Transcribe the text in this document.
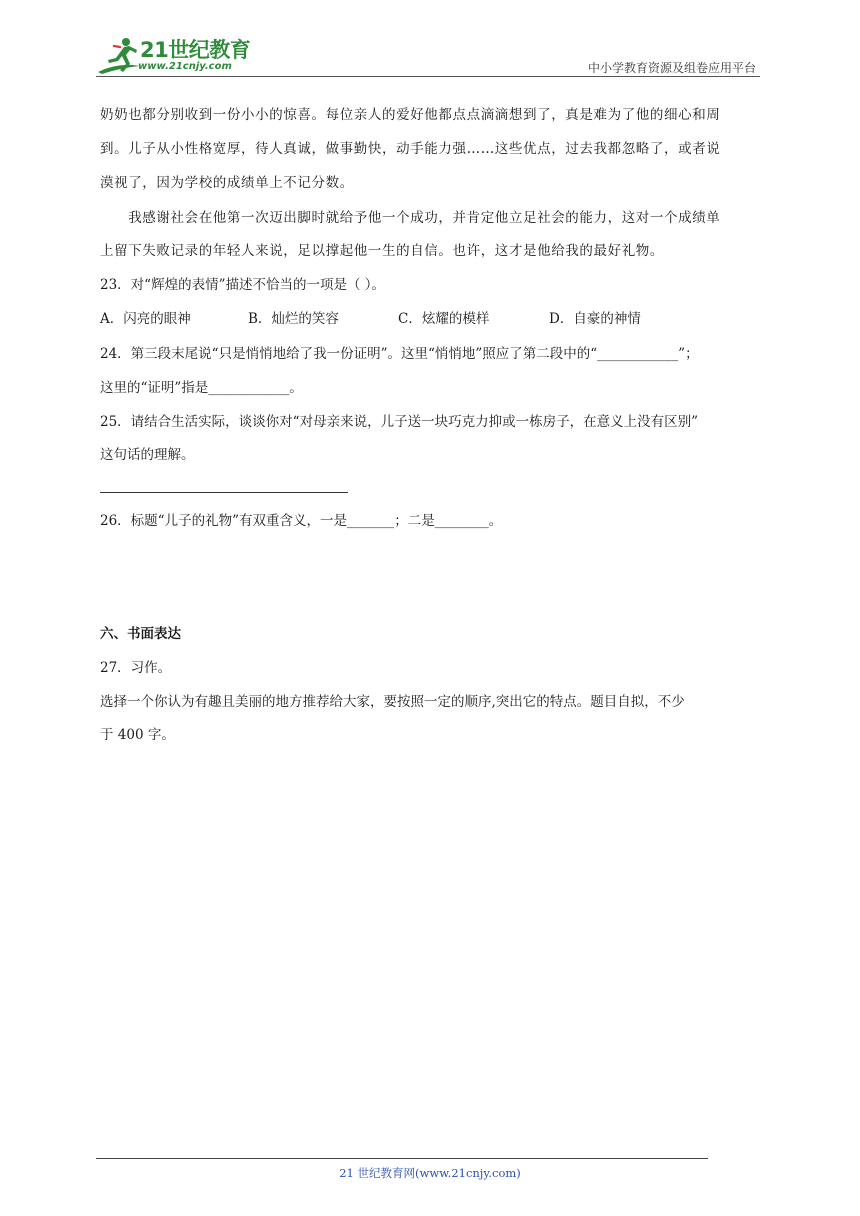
21世纪教育
www.21cnjy.com	中小学教育资源及组卷应用平台
奶奶也都分别收到一份小小的惊喜。每位亲人的爱好他都点点滴滴想到了，真是难为了他的细心和周
到。儿子从小性格宽厚，待人真诚，做事勤快，动手能力强……这些优点，过去我都忽略了，或者说
漠视了，因为学校的成绩单上不记分数。
　　我感谢社会在他第一次迈出脚时就给予他一个成功，并肯定他立足社会的能力，这对一个成绩单
上留下失败记录的年轻人来说，足以撑起他一生的自信。也许，这才是他给我的最好礼物。
23．对“辉煌的表情”描述不恰当的一项是（ ）。
A．闪亮的眼神	B．灿烂的笑容	C．炫耀的模样	D．自豪的神情
24．第三段末尾说“只是悄悄地给了我一份证明”。这里“悄悄地”照应了第二段中的“____________”；
这里的“证明”指是____________。
25．请结合生活实际，谈谈你对“对母亲来说，儿子送一块巧克力抑或一栋房子，在意义上没有区别”
这句话的理解。
26．标题“儿子的礼物”有双重含义，一是_______；二是________。
六、书面表达
27．习作。
选择一个你认为有趣且美丽的地方推荐给大家，要按照一定的顺序,突出它的特点。题目自拟，不少
于 400 字。
21 世纪教育网(www.21cnjy.com)
